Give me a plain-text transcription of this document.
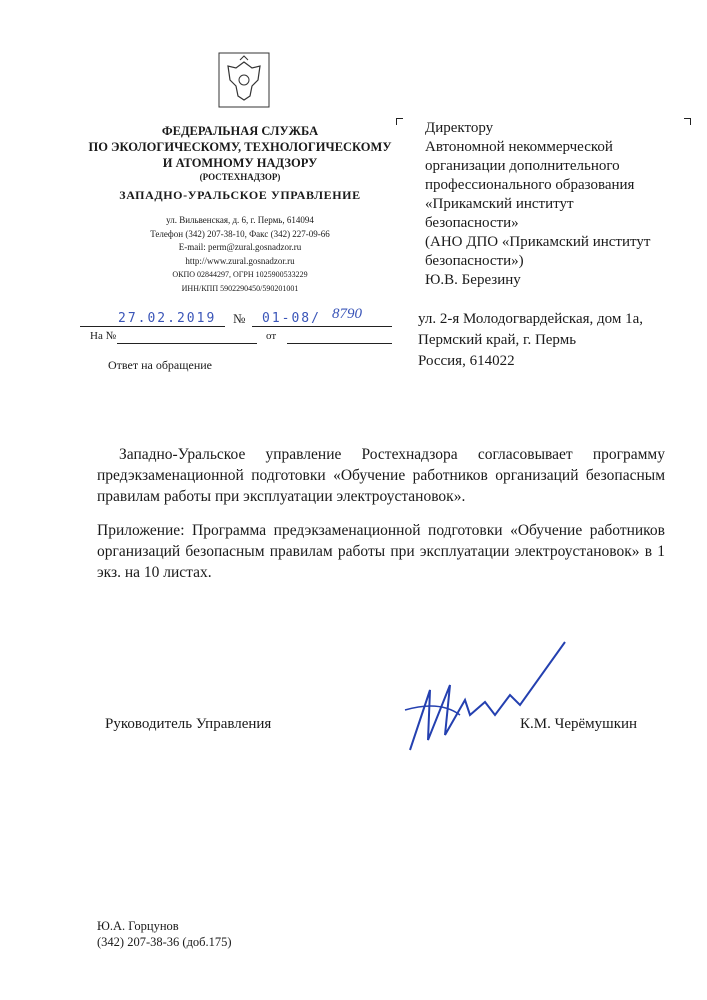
ФЕДЕРАЛЬНАЯ СЛУЖБА
ПО ЭКОЛОГИЧЕСКОМУ, ТЕХНОЛОГИЧЕСКОМУ
И АТОМНОМУ НАДЗОРУ
(РОСТЕХНАДЗОР)
ЗАПАДНО-УРАЛЬСКОЕ УПРАВЛЕНИЕ
ул. Вильвенская, д. 6, г. Пермь, 614094
Телефон (342) 207-38-10, Факс (342) 227-09-66
E-mail: perm@zural.gosnadzor.ru
http://www.zural.gosnadzor.ru
ОКПО 02844297, ОГРН 1025900533229
ИНН/КПП 5902290450/590201001
27.02.2019 № 01-08/ 8790
На №	от
Ответ на обращение
Директору
Автономной некоммерческой
организации дополнительного
профессионального образования
«Прикамский институт
безопасности»
(АНО ДПО «Прикамский институт
безопасности»)
Ю.В. Березину
ул. 2-я Молодогвардейская, дом 1а,
Пермский край, г. Пермь
Россия, 614022
Западно-Уральское управление Ростехнадзора согласовывает программу предэкзаменационной подготовки «Обучение работников организаций безопасным правилам работы при эксплуатации электроустановок».
Приложение: Программа предэкзаменационной подготовки «Обучение работников организаций безопасным правилам работы при эксплуатации электроустановок» в 1 экз. на 10 листах.
Руководитель Управления	К.М. Черёмушкин
Ю.А. Горцунов
(342) 207-38-36 (доб.175)
